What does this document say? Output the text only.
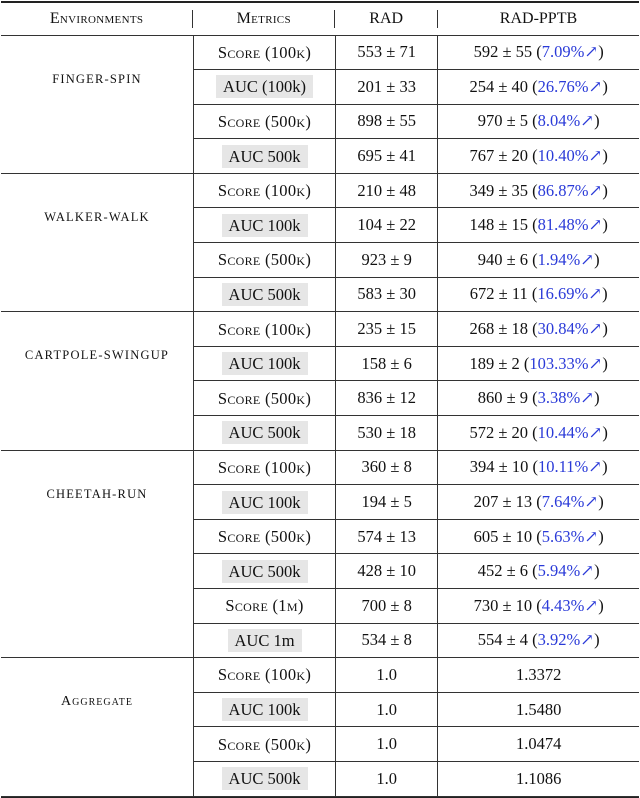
Environments	Metrics	RAD	RAD-PPTB
FINGER-SPIN
Score (100k)	553 ± 71	592 ± 55 ( 7.09%↗ )
AUC (100k)	201 ± 33	254 ± 40 ( 26.76%↗ )
Score (500k)	898 ± 55	970 ± 5 ( 8.04%↗ )
AUC 500k	695 ± 41	767 ± 20 ( 10.40%↗ )
WALKER-WALK
Score (100k)	210 ± 48	349 ± 35 ( 86.87%↗ )
AUC 100k	104 ± 22	148 ± 15 ( 81.48%↗ )
Score (500k)	923 ± 9	940 ± 6 ( 1.94%↗ )
AUC 500k	583 ± 30	672 ± 11 ( 16.69%↗ )
CARTPOLE-SWINGUP
Score (100k)	235 ± 15	268 ± 18 ( 30.84%↗ )
AUC 100k	158 ± 6	189 ± 2 ( 103.33%↗ )
Score (500k)	836 ± 12	860 ± 9 ( 3.38%↗ )
AUC 500k	530 ± 18	572 ± 20 ( 10.44%↗ )
CHEETAH-RUN
Score (100k)	360 ± 8	394 ± 10 ( 10.11%↗ )
AUC 100k	194 ± 5	207 ± 13 ( 7.64%↗ )
Score (500k)	574 ± 13	605 ± 10 ( 5.63%↗ )
AUC 500k	428 ± 10	452 ± 6 ( 5.94%↗ )
Score (1m)	700 ± 8	730 ± 10 ( 4.43%↗ )
AUC 1m	534 ± 8	554 ± 4 ( 3.92%↗ )
Aggregate
Score (100k)	1.0	1.3372
AUC 100k	1.0	1.5480
Score (500k)	1.0	1.0474
AUC 500k	1.0	1.1086
